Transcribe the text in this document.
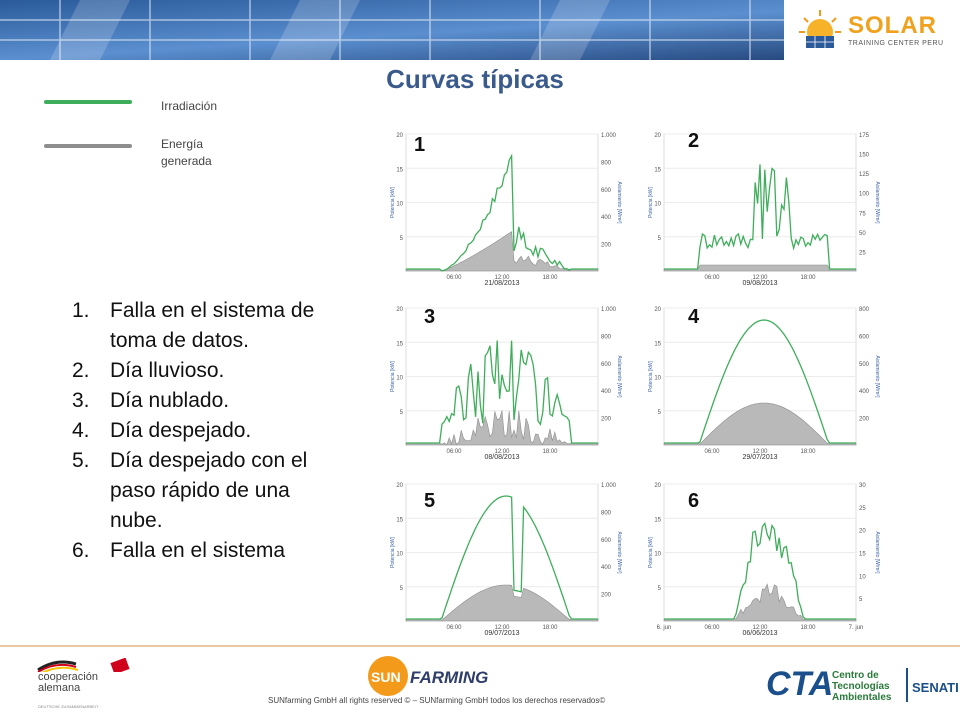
SOLAR
TRAINING CENTER PERU
Curvas típicas
Irradiación
Energía generada
1. Falla en el sistema de toma de datos.
2. Día lluvioso.
3. Día nublado.
4. Día despejado.
5. Día despejado con el paso rápido de una nube.
6. Falla en el sistema
20
15
10
5
1.000
800
600
400
200
06:00	12:00	18:00
Potencia [kW]	Aislamiento [W/m²]
21/08/2013
20
15
10
5
175
150
125
100
75
50
25
06:00	12:00	18:00
Potencia [kW]	Aislamiento [W/m²]
09/08/2013
20
15
10
5
1.000
800
600
400
200
06:00	12:00	18:00
Potencia [kW]	Aislamiento [W/m²]
08/08/2013
20
15
10
5
800
600
500
400
200
06:00	12:00	18:00
Potencia [kW]	Aislamiento [W/m²]
29/07/2013
20
15
10
5
1.000
800
600
400
200
06:00	12:00	18:00
Potencia [kW]	Aislamiento [W/m²]
09/07/2013
20
15
10
5
30
25
20
15
10
5
6. jun	06:00	12:00	18:00	7. jun
Potencia [kW]	Aislamiento [W/m²]
06/06/2013
1	2
3	4
5	6
cooperación alemana
DEUTSCHE ZUSAMMENARBEIT
SUN FARMING
SUNfarming GmbH all rights reserved © – SUNfarming GmbH todos los derechos reservados©	CTA
Centro de Tecnologías Ambientales
SENATI
